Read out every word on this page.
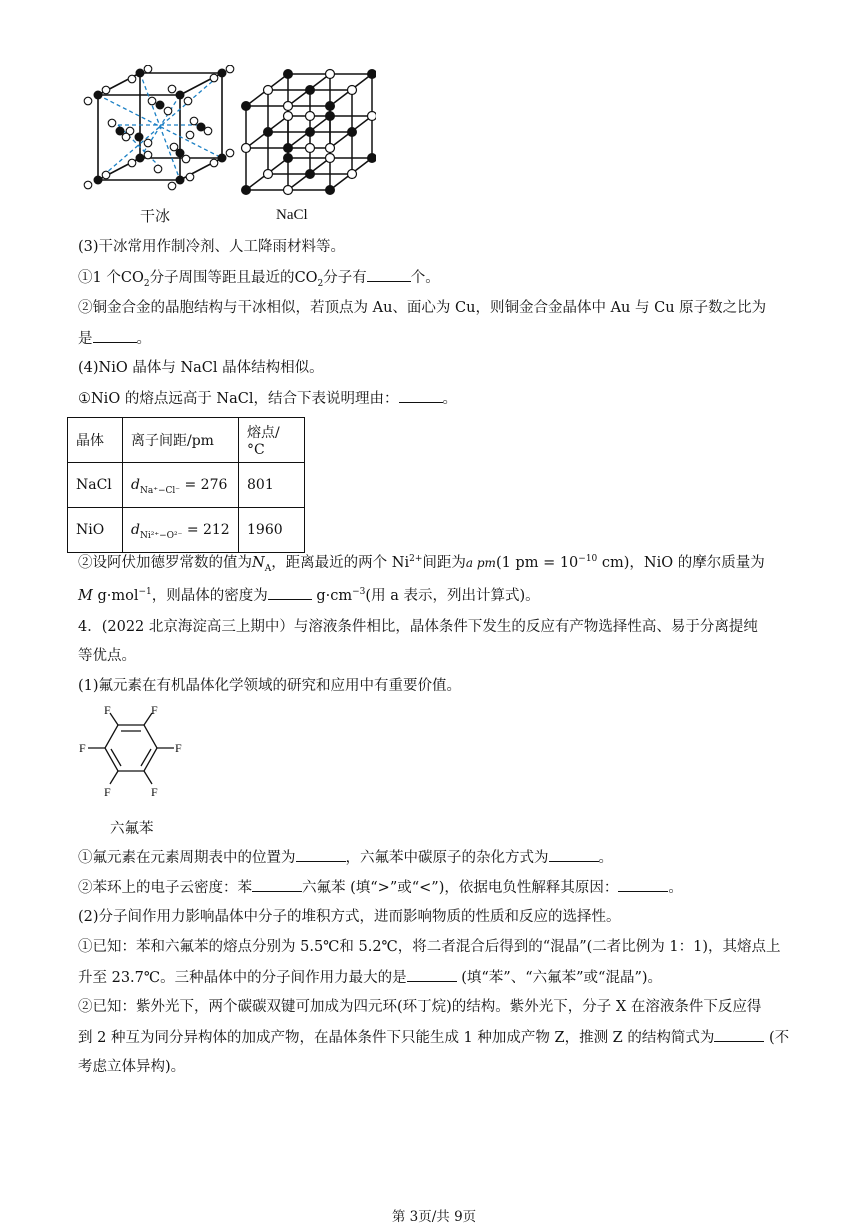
干冰	NaCl
(3)干冰常用作制冷剂、人工降雨材料等。
①1 个$CO_2$分子周围等距且最近的$CO_2$分子有	个。
②铜金合金的晶胞结构与干冰相似，若顶点为 Au、面心为 Cu，则铜金合金晶体中 Au 与 Cu 原子数之比为
是	。
(4)NiO 晶体与 NaCl 晶体结构相似。
①NiO 的熔点远高于 NaCl，结合下表说明理由：	。
晶体	离子间距/pm	熔点/°C
NaCl	$d_{Na^+-Cl^-} = 276$	801
NiO	$d_{Ni^{2+}-O^{2-}} = 212$	1960
②设阿伏加德罗常数的值为$N_A$，距离最近的两个 $Ni^{2+}$间距为a pm(1 pm = $10^{-10}$ cm)，NiO 的摩尔质量为
M g·mol$^{-1}$，则晶体的密度为	$g\cdot cm^{-3}$(用 a 表示，列出计算式)。
4．(2022 北京海淀高三上期中）与溶液条件相比，晶体条件下发生的反应有产物选择性高、易于分离提纯
等优点。
(1)氟元素在有机晶体化学领域的研究和应用中有重要价值。
F	F
F
F
F	F
六氟苯
①氟元素在元素周期表中的位置为	，六氟苯中碳原子的杂化方式为	。
②苯环上的电子云密度：苯	六氟苯 (填“>”或“<”)，依据电负性解释其原因：	。
(2)分子间作用力影响晶体中分子的堆积方式，进而影响物质的性质和反应的选择性。
①已知：苯和六氟苯的熔点分别为 5.5℃和 5.2℃，将二者混合后得到的“混晶”(二者比例为 1：1)，其熔点上
升至 23.7℃。三种晶体中的分子间作用力最大的是	(填“苯”、“六氟苯”或“混晶”)。
②已知：紫外光下，两个碳碳双键可加成为四元环(环丁烷)的结构。紫外光下，分子 X 在溶液条件下反应得
到 2 种互为同分异构体的加成产物，在晶体条件下只能生成 1 种加成产物 Z，推测 Z 的结构简式为	(不
考虑立体异构)。
第 3页/共 9页
